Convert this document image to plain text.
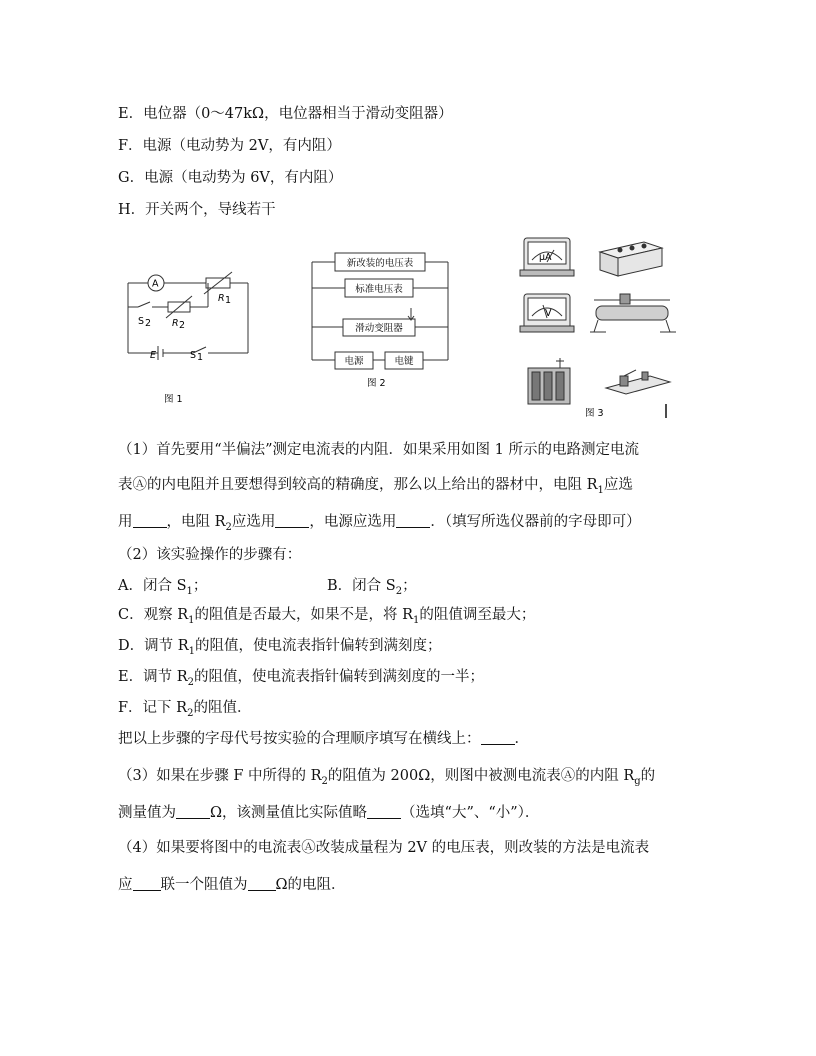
E．电位器（0～47kΩ，电位器相当于滑动变阻器）
F．电源（电动势为 2V，有内阻）
G．电源（电动势为 6V，有内阻）
H．开关两个，导线若干
A
R 1
S 2 R 2
E	S 1
图 1
新改装的电压表
标准电压表
滑动变阻器
电源	电键
图 2
μA
V
图 3
（1）首先要用“半偏法”测定电流表的内阻．如果采用如图 1 所示的电路测定电流
表Ⓐ的内电阻并且要想得到较高的精确度，那么以上给出的器材中，电阻 $R_1$应选
用 ，电阻 $R_2$应选用 ，电源应选用 ．（填写所选仪器前的字母即可）
（2）该实验操作的步骤有：
A．闭合 $S_1$；	B．闭合 $S_2$；
C．观察 $R_1$的阻值是否最大，如果不是，将 $R_1$的阻值调至最大；
D．调节 $R_1$的阻值，使电流表指针偏转到满刻度；
E．调节 $R_2$的阻值，使电流表指针偏转到满刻度的一半；
F．记下 $R_2$的阻值．
把以上步骤的字母代号按实验的合理顺序填写在横线上： ．
（3）如果在步骤 F 中所得的 $R_2$的阻值为 200Ω，则图中被测电流表Ⓐ的内阻 $R_g$的
测量值为 Ω，该测量值比实际值略 （选填“大”、“小”）．
（4）如果要将图中的电流表Ⓐ改装成量程为 2V 的电压表，则改装的方法是电流表
应 联一个阻值为 Ω的电阻．
